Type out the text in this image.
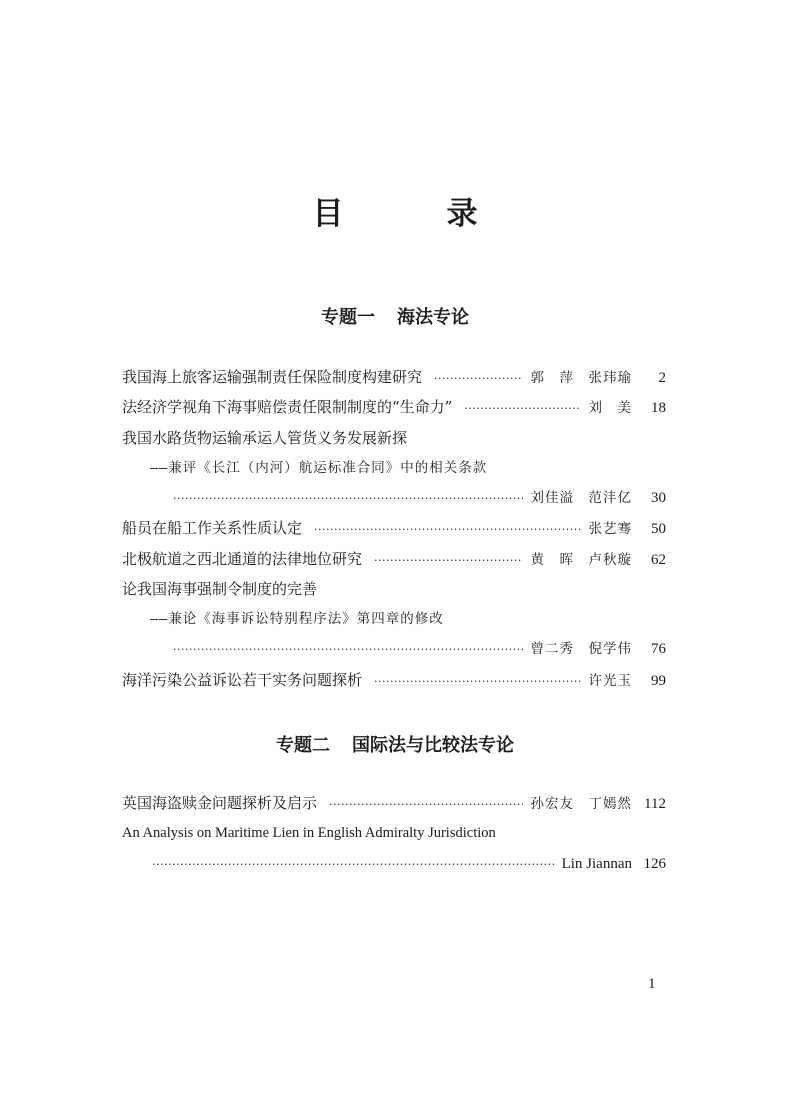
目　录
专题一 海法专论
我国海上旅客运输强制责任保险制度构建研究 ·····	郭　萍　张玮瑜	2
法经济学视角下海事赔偿责任限制制度的“生命力” ·····	刘　美	18
我国水路货物运输承运人管货义务发展新探
——兼评《长江（内河）航运标准合同》中的相关条款
·····
刘佳溢　范沣亿	30
船员在船工作关系性质认定 ·····	张艺骞	50
北极航道之西北通道的法律地位研究 ·····	黄　晖　卢秋璇	62
论我国海事强制令制度的完善
——兼论《海事诉讼特别程序法》第四章的修改
·····
曾二秀　倪学伟	76
海洋污染公益诉讼若干实务问题探析 ·····	许光玉	99
专题二 国际法与比较法专论
英国海盗赎金问题探析及启示 ·····	孙宏友　丁嫣然 112
An Analysis on Maritime Lien in English Admiralty Jurisdiction
·····
Lin Jiannan 126
1
